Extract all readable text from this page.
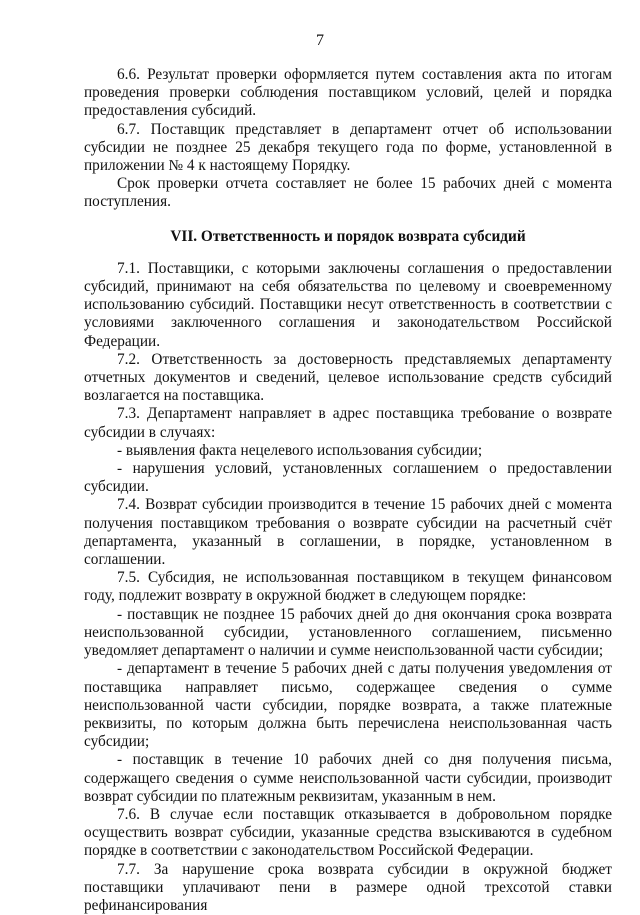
7

6.6. Результат проверки оформляется путем составления акта по итогам проведения проверки соблюдения поставщиком условий, целей и порядка предоставления субсидий.

6.7. Поставщик представляет в департамент отчет об использовании субсидии не позднее 25 декабря текущего года по форме, установленной в приложении № 4 к настоящему Порядку.

Срок проверки отчета составляет не более 15 рабочих дней с момента поступления.

VII. Ответственность и порядок возврата субсидий

7.1. Поставщики, с которыми заключены соглашения о предоставлении субсидий, принимают на себя обязательства по целевому и своевременному использованию субсидий. Поставщики несут ответственность в соответствии с условиями заключенного соглашения и законодательством Российской Федерации.

7.2. Ответственность за достоверность представляемых департаменту отчетных документов и сведений, целевое использование средств субсидий возлагается на поставщика.

7.3. Департамент направляет в адрес поставщика требование о возврате субсидии в случаях:

- выявления факта нецелевого использования субсидии;

- нарушения условий, установленных соглашением о предоставлении субсидии.

7.4. Возврат субсидии производится в течение 15 рабочих дней с момента получения поставщиком требования о возврате субсидии на расчетный счёт департамента, указанный в соглашении, в порядке, установленном в соглашении.

7.5. Субсидия, не использованная поставщиком в текущем финансовом году, подлежит возврату в окружной бюджет в следующем порядке:

- поставщик не позднее 15 рабочих дней до дня окончания срока возврата неиспользованной субсидии, установленного соглашением, письменно уведомляет департамент о наличии и сумме неиспользованной части субсидии;

- департамент в течение 5 рабочих дней с даты получения уведомления от поставщика направляет письмо, содержащее сведения о сумме неиспользованной части субсидии, порядке возврата, а также платежные реквизиты, по которым должна быть перечислена неиспользованная часть субсидии;

- поставщик в течение 10 рабочих дней со дня получения письма, содержащего сведения о сумме неиспользованной части субсидии, производит возврат субсидии по платежным реквизитам, указанным в нем.

7.6. В случае если поставщик отказывается в добровольном порядке осуществить возврат субсидии, указанные средства взыскиваются в судебном порядке в соответствии с законодательством Российской Федерации.

7.7. За нарушение срока возврата субсидии в окружной бюджет поставщики уплачивают пени в размере одной трехсотой ставки рефинансирования
